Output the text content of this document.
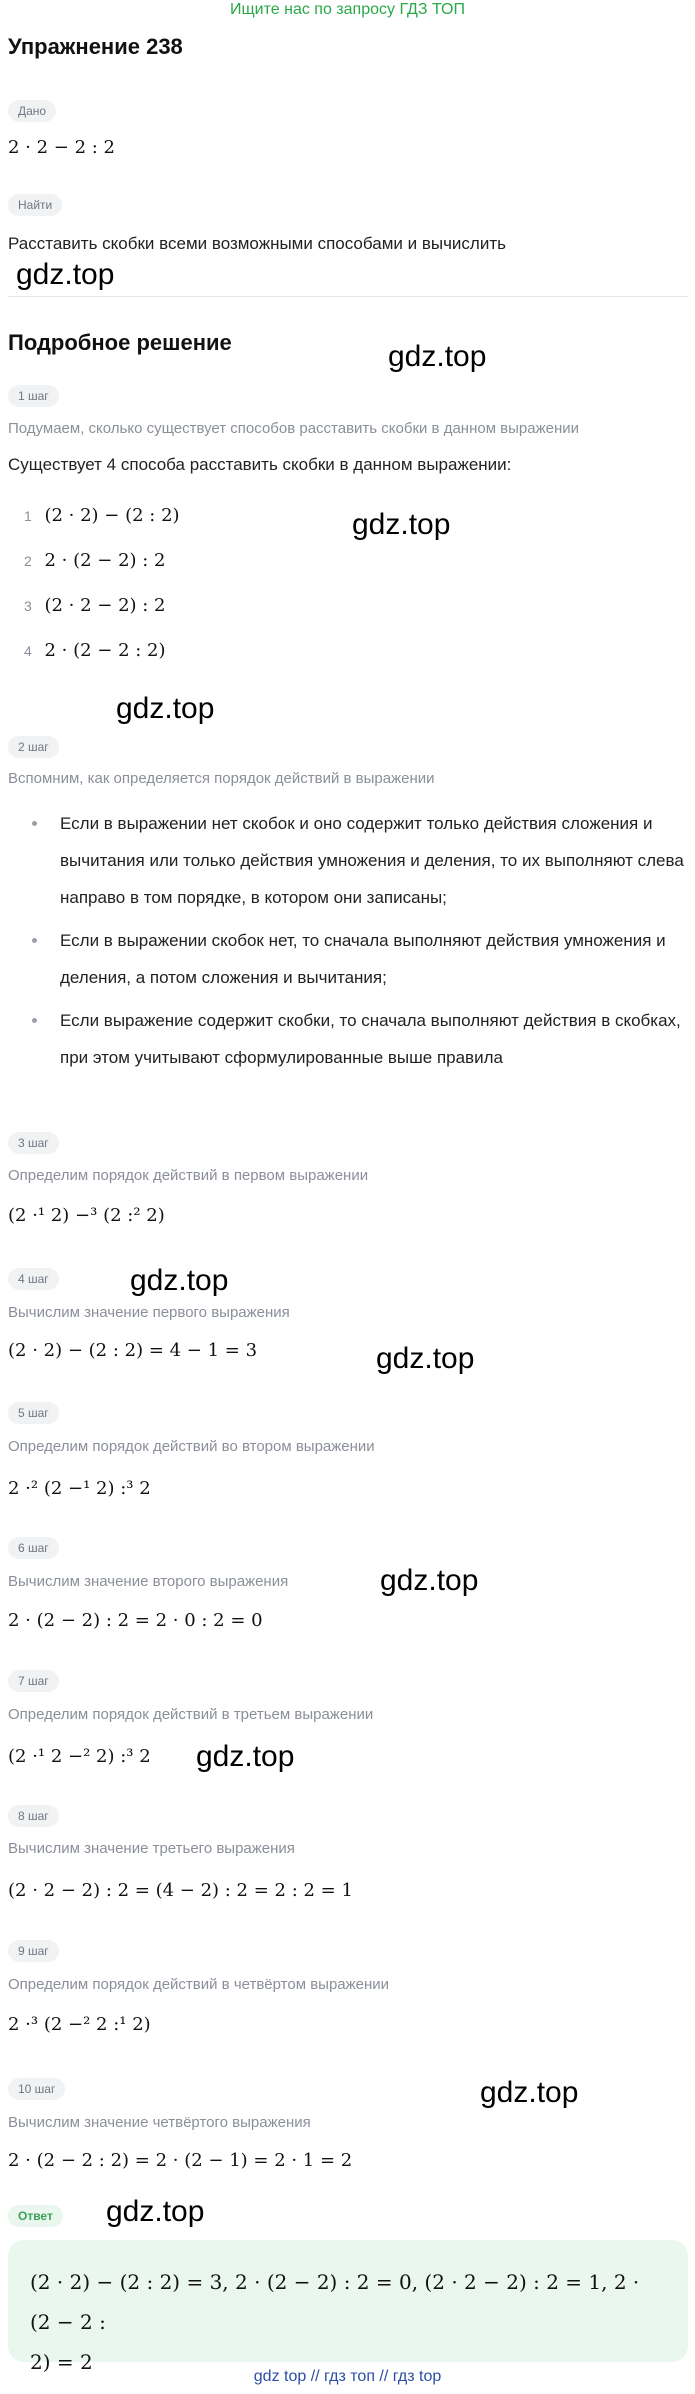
Ищите нас по запросу ГДЗ ТОП
Упражнение 238
Дано
2 · 2 − 2 : 2
Найти
Расставить скобки всеми возможными способами и вычислить
gdz.top
Подробное решение	gdz.top
1 шаг
Подумаем, сколько существует способов расставить скобки в данном выражении
Существует 4 способа расставить скобки в данном выражении:
1 (2 · 2) − (2 : 2)
2 2 · (2 − 2) : 2
3 (2 · 2 − 2) : 2
4 2 · (2 − 2 : 2)
gdz.top
gdz.top
2 шаг
Вспомним, как определяется порядок действий в выражении
Если в выражении нет скобок и оно содержит только действия сложения и вычитания или только действия умножения и деления, то их выполняют слева направо в том порядке, в котором они записаны;
Если в выражении скобок нет, то сначала выполняют действия умножения и деления, а потом сложения и вычитания;
Если выражение содержит скобки, то сначала выполняют действия в скобках, при этом учитывают сформулированные выше правила
3 шаг
Определим порядок действий в первом выражении
(2 ·¹ 2) −³ (2 :² 2)
4 шаг	gdz.top
Вычислим значение первого выражения
(2 · 2) − (2 : 2) = 4 − 1 = 3	gdz.top
5 шаг
Определим порядок действий во втором выражении
2 ·² (2 −¹ 2) :³ 2
6 шаг
Вычислим значение второго выражения	gdz.top
2 · (2 − 2) : 2 = 2 · 0 : 2 = 0
7 шаг
Определим порядок действий в третьем выражении
(2 ·¹ 2 −² 2) :³ 2 gdz.top
8 шаг
Вычислим значение третьего выражения
(2 · 2 − 2) : 2 = (4 − 2) : 2 = 2 : 2 = 1
9 шаг
Определим порядок действий в четвёртом выражении
2 ·³ (2 −² 2 :¹ 2)
gdz.top
10 шаг
Вычислим значение четвёртого выражения
2 · (2 − 2 : 2) = 2 · (2 − 1) = 2 · 1 = 2
Ответ	gdz.top
(2 · 2) − (2 : 2) = 3, 2 · (2 − 2) : 2 = 0, (2 · 2 − 2) : 2 = 1, 2 · (2 − 2 :
2) = 2
gdz top // гдз топ // гдз top
